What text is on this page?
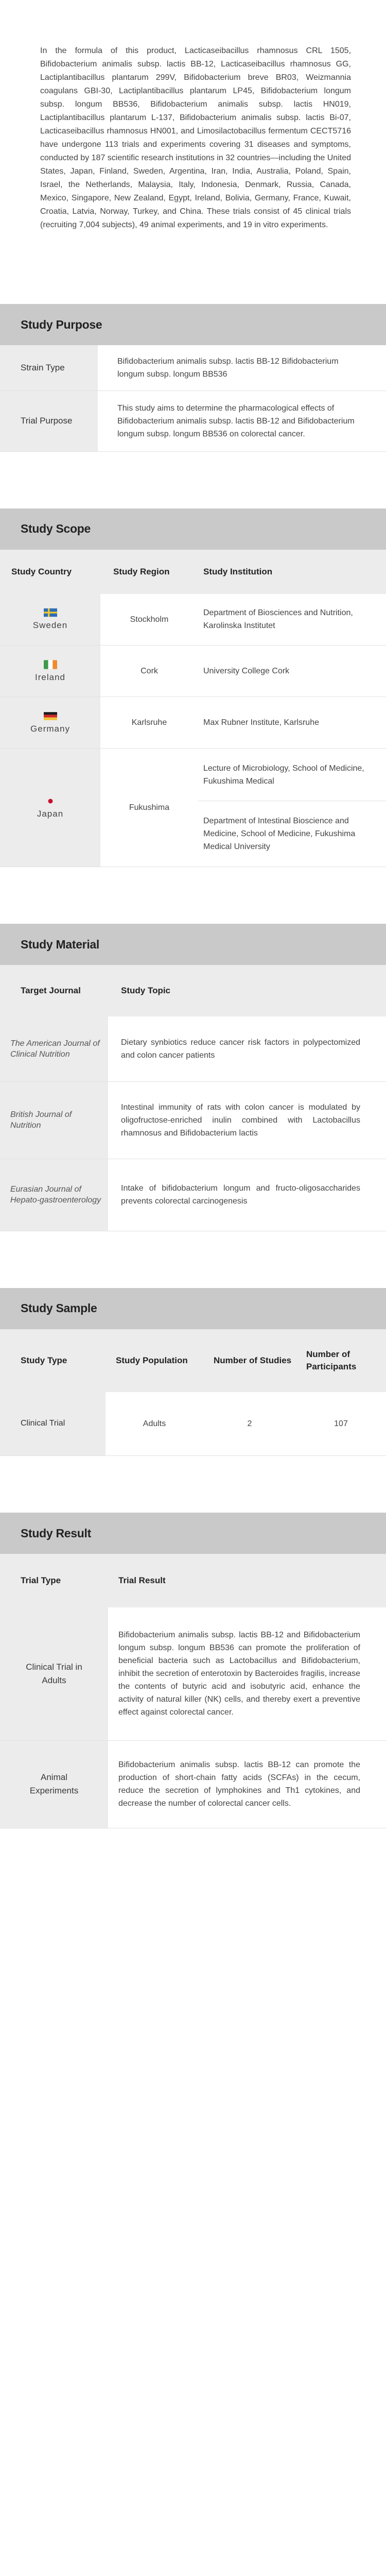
In the formula of this product, Lacticaseibacillus rhamnosus CRL 1505, Bifidobacterium animalis subsp. lactis BB-12, Lacticaseibacillus rhamnosus GG, Lactiplantibacillus plantarum 299V, Bifidobacterium breve BR03, Weizmannia coagulans GBI-30, Lactiplantibacillus plantarum LP45, Bifidobacterium longum subsp. longum BB536, Bifidobacterium animalis subsp. lactis HN019, Lactiplantibacillus plantarum L-137, Bifidobacterium animalis subsp. lactis Bi-07, Lacticaseibacillus rhamnosus HN001, and Limosilactobacillus fermentum CECT5716 have undergone 113 trials and experiments covering 31 diseases and symptoms, conducted by 187 scientific research institutions in 32 countries—including the United States, Japan, Finland, Sweden, Argentina, Iran, India, Australia, Poland, Spain, Israel, the Netherlands, Malaysia, Italy, Indonesia, Denmark, Russia, Canada, Mexico, Singapore, New Zealand, Egypt, Ireland, Bolivia, Germany, France, Kuwait, Croatia, Latvia, Norway, Turkey, and China. These trials consist of 45 clinical trials (recruiting 7,004 subjects), 49 animal experiments, and 19 in vitro experiments.
Study Purpose
Strain Type	Bifidobacterium animalis subsp. lactis BB-12 Bifidobacterium longum subsp. longum BB536
Trial Purpose	This study aims to determine the pharmacological effects of Bifidobacterium animalis subsp. lactis BB-12 and Bifidobacterium longum subsp. longum BB536 on colorectal cancer.
Study Scope
Study Country	Study Region	Study Institution

Sweden	Stockholm	Department of Biosciences and Nutrition, Karolinska Institutet

Ireland	Cork	University College Cork

Germany	Karlsruhe	Max Rubner Institute, Karlsruhe

Japan	Fukushima	Lecture of Microbiology, School of Medicine, Fukushima Medical
		Department of Intestinal Bioscience and Medicine, School of Medicine, Fukushima Medical University
Study Material
Target Journal	Study Topic
The American Journal of Clinical Nutrition	Dietary synbiotics reduce cancer risk factors in polypectomized and colon cancer patients
British Journal of Nutrition	Intestinal immunity of rats with colon cancer is modulated by oligofructose-enriched inulin combined with Lactobacillus rhamnosus and Bifidobacterium lactis
Eurasian Journal of Hepato-gastroenterology	Intake of bifidobacterium longum and fructo-oligosaccharides prevents colorectal carcinogenesis
Study Sample
Study Type	Study Population	Number of Studies	Number of Participants
Clinical Trial	Adults	2	107
Study Result
Trial Type	Trial Result
Clinical Trial in Adults	Bifidobacterium animalis subsp. lactis BB-12 and Bifidobacterium longum subsp. longum BB536 can promote the proliferation of beneficial bacteria such as Lactobacillus and Bifidobacterium, inhibit the secretion of enterotoxin by Bacteroides fragilis, increase the contents of butyric acid and isobutyric acid, enhance the activity of natural killer (NK) cells, and thereby exert a preventive effect against colorectal cancer.
Animal Experiments	Bifidobacterium animalis subsp. lactis BB-12 can promote the production of short-chain fatty acids (SCFAs) in the cecum, reduce the secretion of lymphokines and Th1 cytokines, and decrease the number of colorectal cancer cells.
